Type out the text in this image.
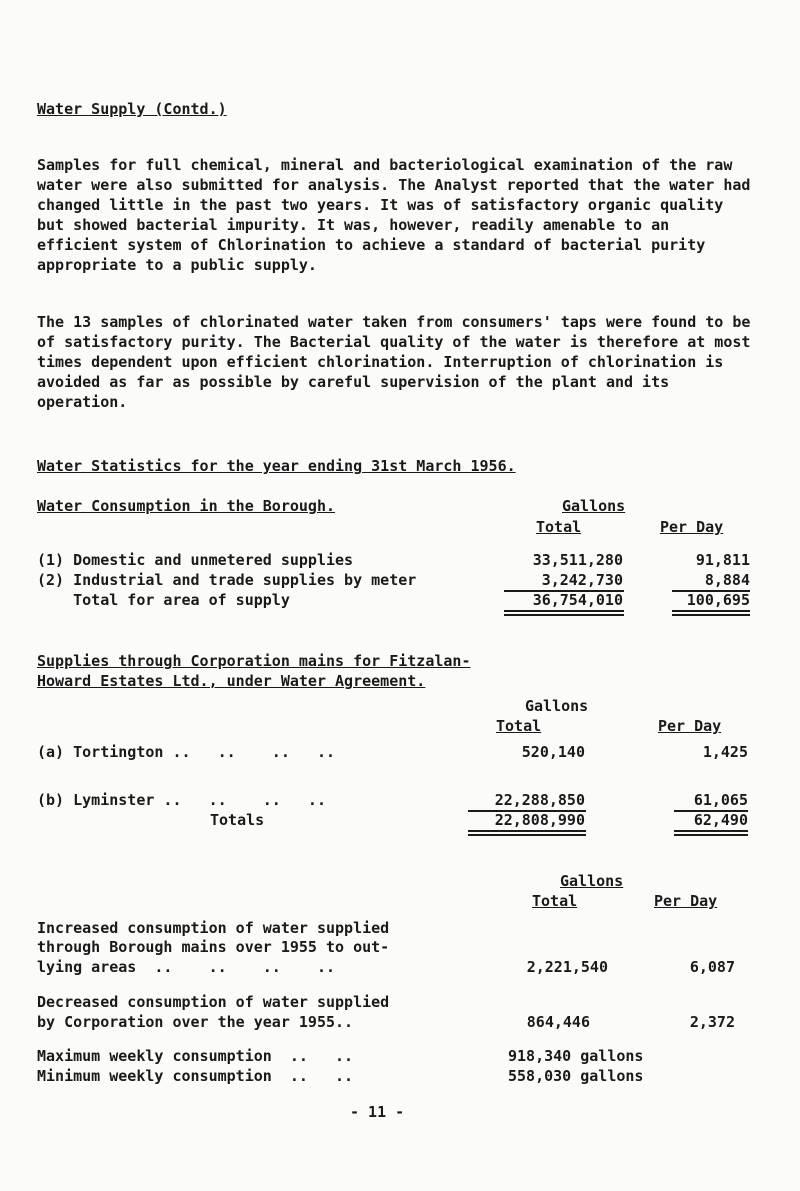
Water Supply (Contd.)
Samples for full chemical, mineral and bacteriological examination of the raw water were also submitted for analysis. The Analyst reported that the water had changed little in the past two years. It was of satisfactory organic quality but showed bacterial impurity. It was, however, readily amenable to an efficient system of Chlorination to achieve a standard of bacterial purity appropriate to a public supply.
The 13 samples of chlorinated water taken from consumers' taps were found to be of satisfactory purity. The Bacterial quality of the water is therefore at most times dependent upon efficient chlorination. Interruption of chlorination is avoided as far as possible by careful supervision of the plant and its operation.
Water Statistics for the year ending 31st March 1956.
Water Consumption in the Borough.	Gallons
Total	Per Day
(1) Domestic and unmetered supplies	33,511,280	91,811
(2) Industrial and trade supplies by meter	3,242,730	8,884
Total for area of supply	36,754,010	100,695
Supplies through Corporation mains for Fitzalan-
Howard Estates Ltd., under Water Agreement.
Gallons
Total	Per Day
(a) Tortington ..   ..    ..   ..	520,140	1,425
(b) Lyminster ..   ..    ..   ..	22,288,850	61,065
Totals	22,808,990	62,490
Gallons
Total	Per Day
Increased consumption of water supplied
through Borough mains over 1955 to out-
lying areas  ..    ..    ..    ..	2,221,540	6,087
Decreased consumption of water supplied
by Corporation over the year 1955..	864,446	2,372
Maximum weekly consumption  ..   ..	918,340 gallons
Minimum weekly consumption  ..   ..	558,030 gallons
- 11 -
